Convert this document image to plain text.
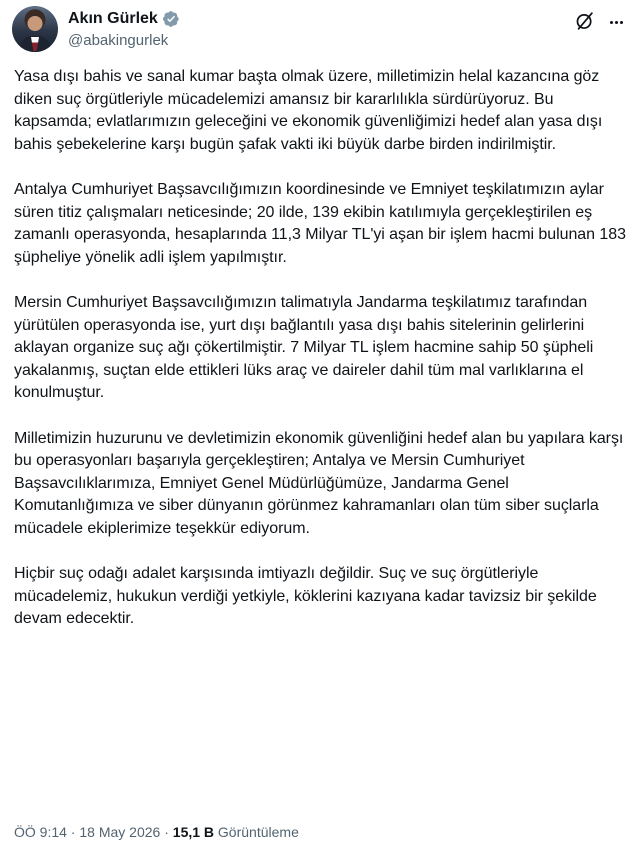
Akın Gürlek
@abakingurlek

Yasa dışı bahis ve sanal kumar başta olmak üzere, milletimizin helal kazancına göz diken suç örgütleriyle mücadelemizi amansız bir kararlılıkla sürdürüyoruz. Bu kapsamda; evlatlarımızın geleceğini ve ekonomik güvenliğimizi hedef alan yasa dışı bahis şebekelerine karşı bugün şafak vakti iki büyük darbe birden indirilmiştir.

Antalya Cumhuriyet Başsavcılığımızın koordinesinde ve Emniyet teşkilatımızın aylar süren titiz çalışmaları neticesinde; 20 ilde, 139 ekibin katılımıyla gerçekleştirilen eş zamanlı operasyonda, hesaplarında 11,3 Milyar TL'yi aşan bir işlem hacmi bulunan 183 şüpheliye yönelik adli işlem yapılmıştır.

Mersin Cumhuriyet Başsavcılığımızın talimatıyla Jandarma teşkilatımız tarafından yürütülen operasyonda ise, yurt dışı bağlantılı yasa dışı bahis sitelerinin gelirlerini aklayan organize suç ağı çökertilmiştir. 7 Milyar TL işlem hacmine sahip 50 şüpheli yakalanmış, suçtan elde ettikleri lüks araç ve daireler dahil tüm mal varlıklarına el konulmuştur.

Milletimizin huzurunu ve devletimizin ekonomik güvenliğini hedef alan bu yapılara karşı bu operasyonları başarıyla gerçekleştiren; Antalya ve Mersin Cumhuriyet Başsavcılıklarımıza, Emniyet Genel Müdürlüğümüze, Jandarma Genel Komutanlığımıza ve siber dünyanın görünmez kahramanları olan tüm siber suçlarla mücadele ekiplerimize teşekkür ediyorum.

Hiçbir suç odağı adalet karşısında imtiyazlı değildir. Suç ve suç örgütleriyle mücadelemiz, hukukun verdiği yetkiyle, köklerini kazıyana kadar tavizsiz bir şekilde devam edecektir.

ÖÖ 9:14 · 18 May 2026 · 15,1 B Görüntüleme
